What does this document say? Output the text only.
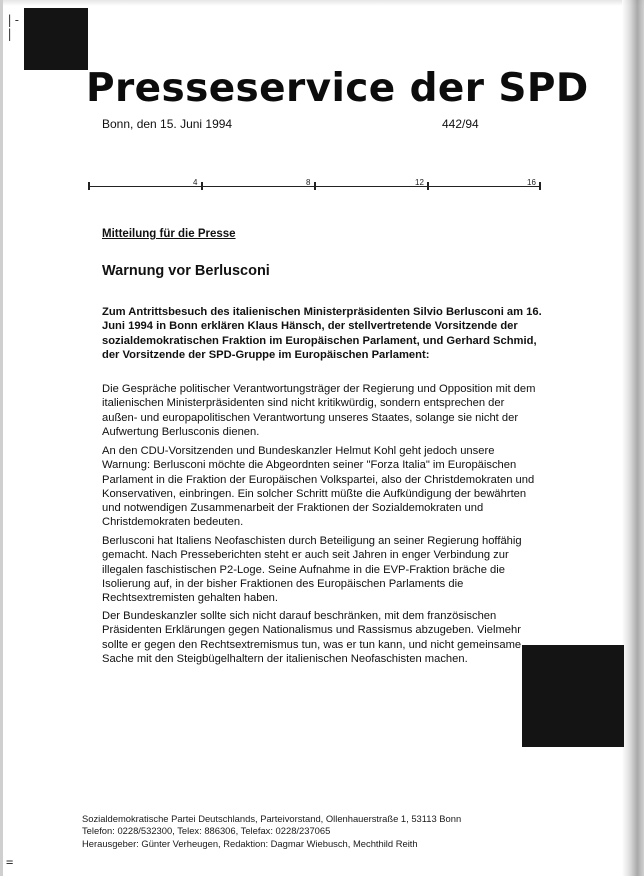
|-
|
=
Presseservice der SPD
Bonn, den 15. Juni 1994	442/94
4	8	12	16
Mitteilung für die Presse
Warnung vor Berlusconi

Zum Antrittsbesuch des italienischen Ministerpräsidenten Silvio Berlusconi am 16. Juni 1994 in Bonn erklären Klaus Hänsch, der stellvertretende Vorsitzende der sozialdemokratischen Fraktion im Europäischen Parlament, und Gerhard Schmid, der Vorsitzende der SPD-Gruppe im Europäischen Parlament:

Die Gespräche politischer Verantwortungsträger der Regierung und Opposition mit dem italienischen Ministerpräsidenten sind nicht kritikwürdig, sondern entsprechen der außen- und europapolitischen Verantwortung unseres Staates, solange sie nicht der Aufwertung Berlusconis dienen.

An den CDU-Vorsitzenden und Bundeskanzler Helmut Kohl geht jedoch unsere Warnung: Berlusconi möchte die Abgeordnten seiner "Forza Italia" im Europäischen Parlament in die Fraktion der Europäischen Volkspartei, also der Christdemokraten und Konservativen, einbringen. Ein solcher Schritt müßte die Aufkündigung der bewährten und notwendigen Zusammenarbeit der Fraktionen der Sozialdemokraten und Christdemokraten bedeuten.

Berlusconi hat Italiens Neofaschisten durch Beteiligung an seiner Regierung hoffähig gemacht. Nach Presseberichten steht er auch seit Jahren in enger Verbindung zur illegalen faschistischen P2-Loge. Seine Aufnahme in die EVP-Fraktion bräche die Isolierung auf, in der bisher Fraktionen des Europäischen Parlaments die Rechtsextremisten gehalten haben.

Der Bundeskanzler sollte sich nicht darauf beschränken, mit dem französischen Präsidenten Erklärungen gegen Nationalismus und Rassismus abzugeben. Vielmehr sollte er gegen den Rechtsextremismus tun, was er tun kann, und nicht gemeinsame Sache mit den Steigbügelhaltern der italienischen Neofaschisten machen.

Sozialdemokratische Partei Deutschlands, Parteivorstand, Ollenhauerstraße 1, 53113 Bonn
Telefon: 0228/532300, Telex: 886306, Telefax: 0228/237065
Herausgeber: Günter Verheugen, Redaktion: Dagmar Wiebusch, Mechthild Reith
